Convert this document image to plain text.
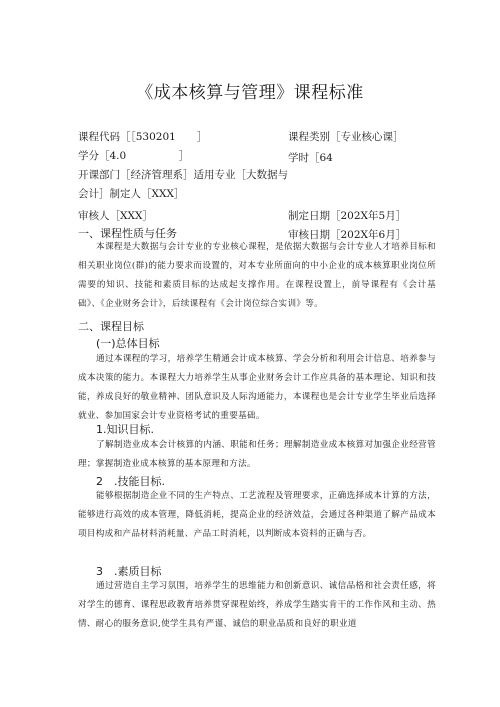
《成本核算与管理》课程标准
课程代码［［530201　　］	课程类别［专业核心课］
学分［4.0　　　　　］	学时［64
开课部门［经济管理系］适用专业［大数据与
会计］制定人［XXX］
审核人［XXX］	制定日期［202X年5月］
一、课程性质与任务	审核日期［202X年6月］
本课程是大数据与会计专业的专业核心课程，是依据大数据与会计专业人才培养目标和相关职业岗位(群)的能力要求而设置的，对本专业所面向的中小企业的成本核算职业岗位所需要的知识、技能和素质目标的达成起支撑作用。在课程设置上，前导课程有《会计基础》、《企业财务会计》，后续课程有《会计岗位综合实训》等。
二、课程目标
(一)总体目标
通过本课程的学习，培养学生精通会计成本核算、学会分析和利用会计信息、培养参与成本决策的能力。本课程大力培养学生从事企业财务会计工作应具备的基本理论、知识和技能，养成良好的敬业精神、团队意识及人际沟通能力，本课程也是会计专业学生毕业后选择就业、参加国家会计专业资格考试的重要基础。
1.知识目标.
了解制造业成本会计核算的内涵、职能和任务；理解制造业成本核算对加强企业经营管理；掌握制造业成本核算的基本原理和方法。
2　.技能目标.
能够根据制造企业不同的生产特点、工艺流程及管理要求，正确选择成本计算的方法，能够进行高效的成本管理，降低消耗，提高企业的经济效益，会通过各种渠道了解产品成本项目构成和产品材料消耗量、产品工时消耗，以判断成本资料的正确与否。
3　.素质目标
通过营造自主学习氛围，培养学生的思维能力和创新意识、诚信品格和社会责任感，将对学生的德育、课程思政教育培养贯穿课程始终，养成学生踏实肯干的工作作风和主动、热情、耐心的服务意识,使学生具有严谨、诚信的职业品质和良好的职业道
